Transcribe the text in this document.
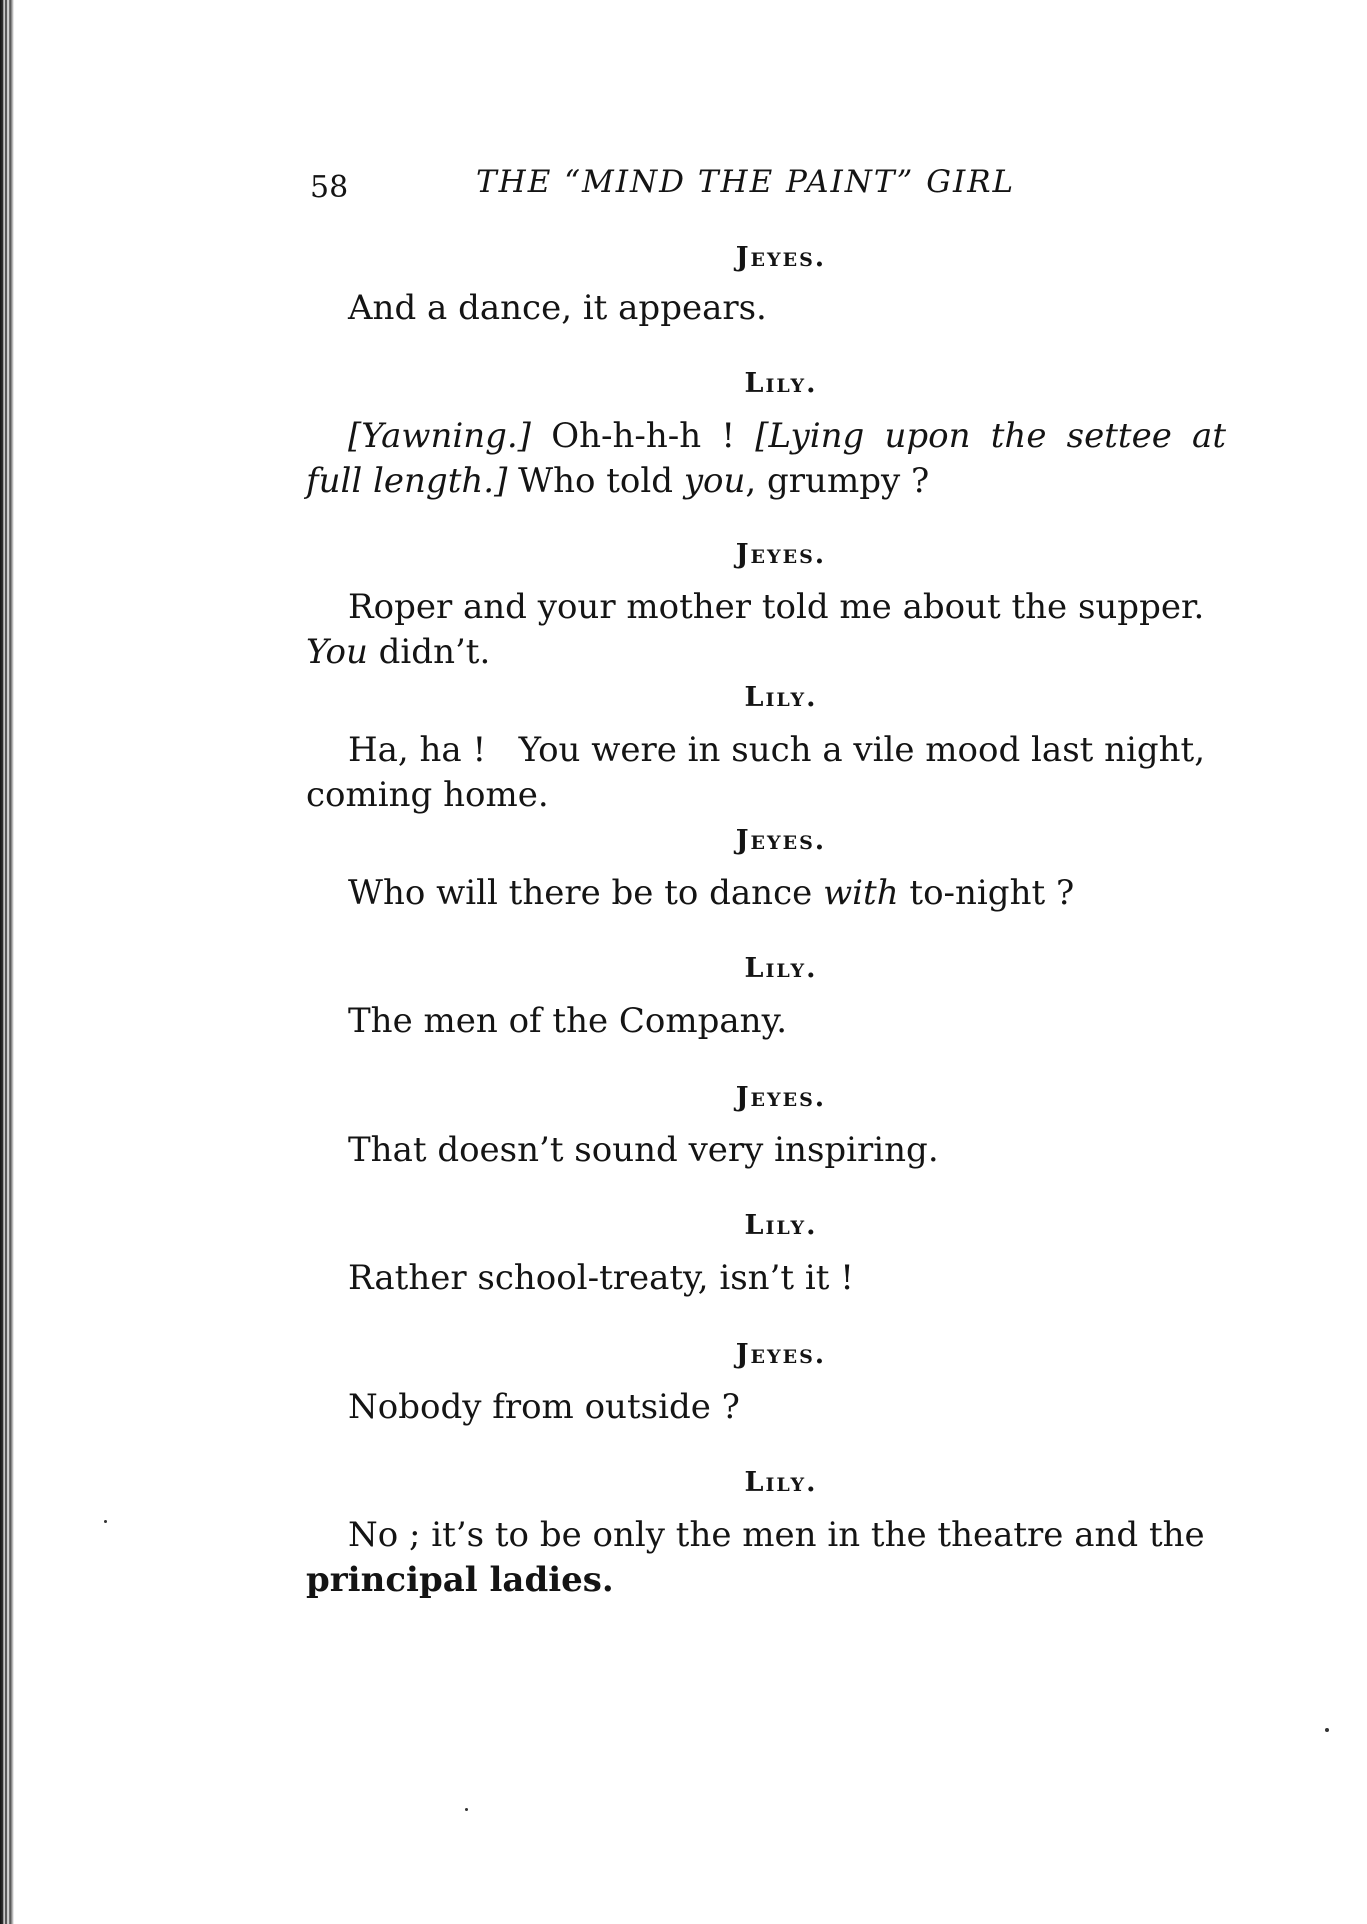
58	THE “MIND THE PAINT” GIRL
Jeyes.
And a dance, it appears.
Lily.
[Yawning.] Oh-h-h-h ! [Lying upon the settee at
full length.] Who told you, grumpy ?
Jeyes.
Roper and your mother told me about the supper.
You didn’t.
Lily.
Ha, ha !   You were in such a vile mood last night,
coming home.
Jeyes.
Who will there be to dance with to-night ?
Lily.
The men of the Company.
Jeyes.
That doesn’t sound very inspiring.
Lily.
Rather school-treaty, isn’t it !
Jeyes.
Nobody from outside ?
Lily.
No ; it’s to be only the men in the theatre and the
principal ladies.
